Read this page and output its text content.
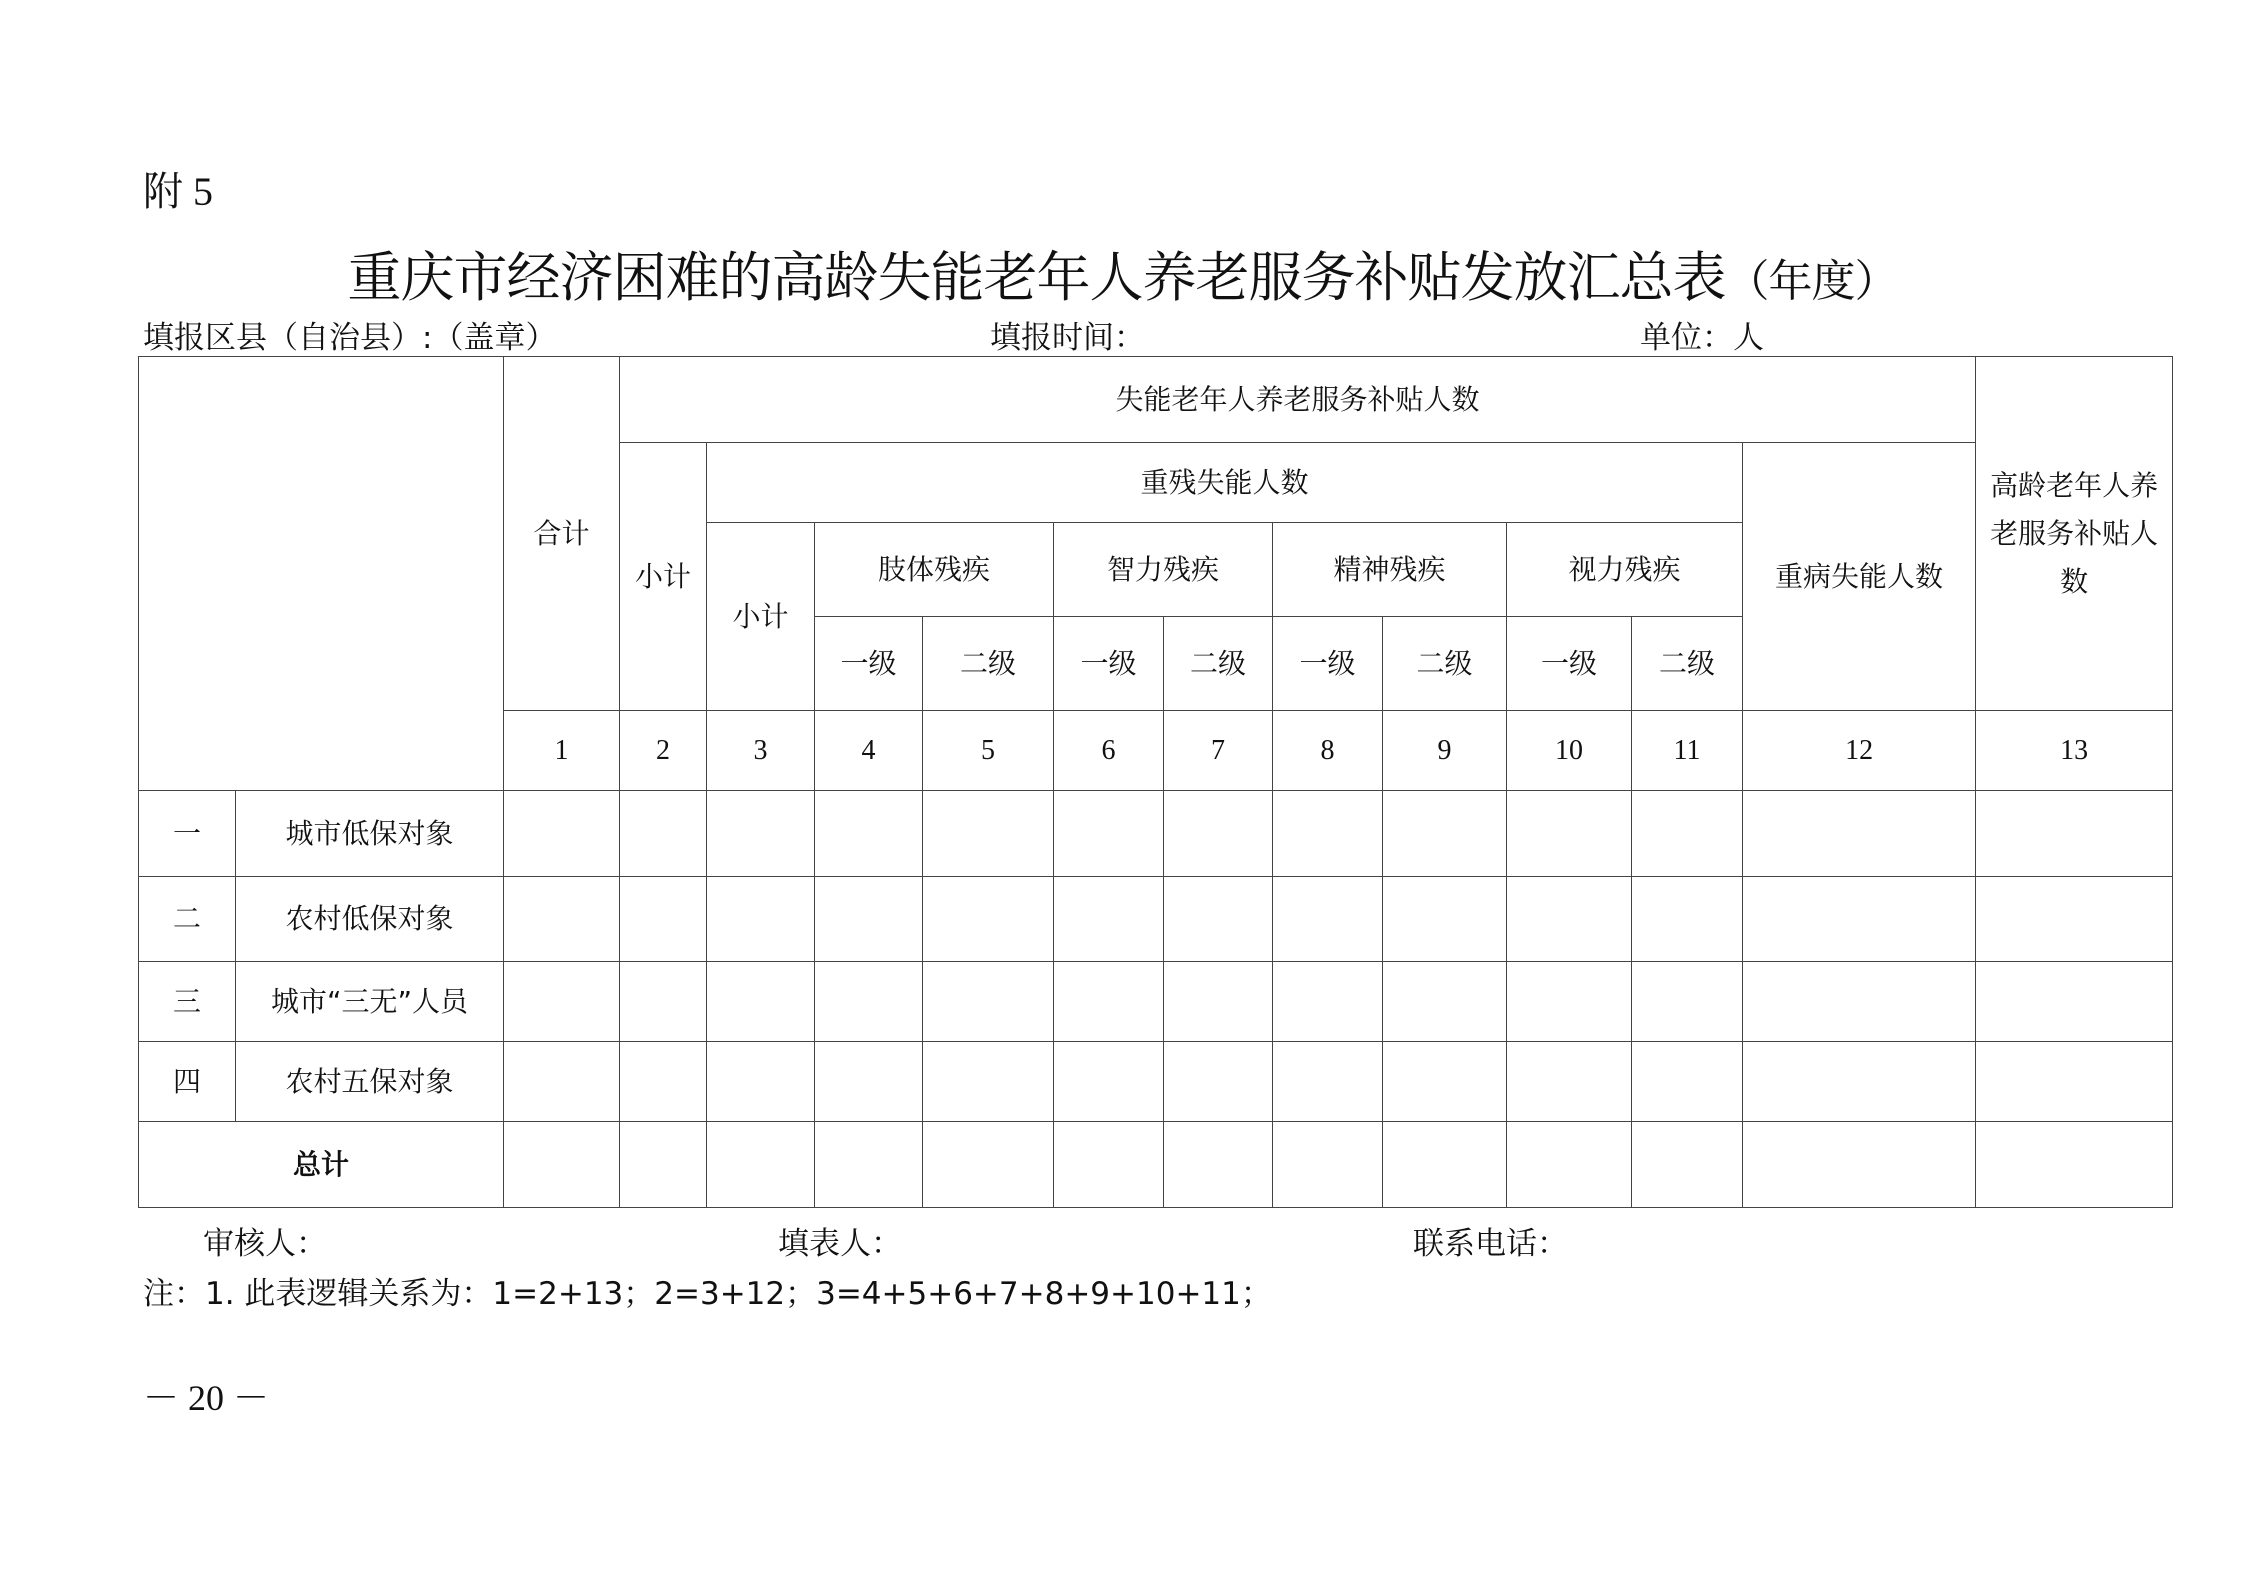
附 5
重庆市经济困难的高龄失能老年人养老服务补贴发放汇总表（年度）
填报区县（自治县）:（盖章）	填报时间：	单位：人
		合计	失能老年人养老服务补贴人数											高龄老年人养老服务补贴人数
			小计	重残失能人数									重病失能人数	
				小计	肢体残疾		智力残疾		精神残疾		视力残疾			
					一级	二级	一级	二级	一级	二级	一级	二级		

		1	2	3	4	5	6	7	8	9	10	11	12	13
一	城市低保对象													
二	农村低保对象													
三	城市“三无”人员													
四	农村五保对象													
总计														
审核人：	填表人：	联系电话：
注：1. 此表逻辑关系为：1=2+13；2=3+12；3=4+5+6+7+8+9+10+11；
－ 20 －
